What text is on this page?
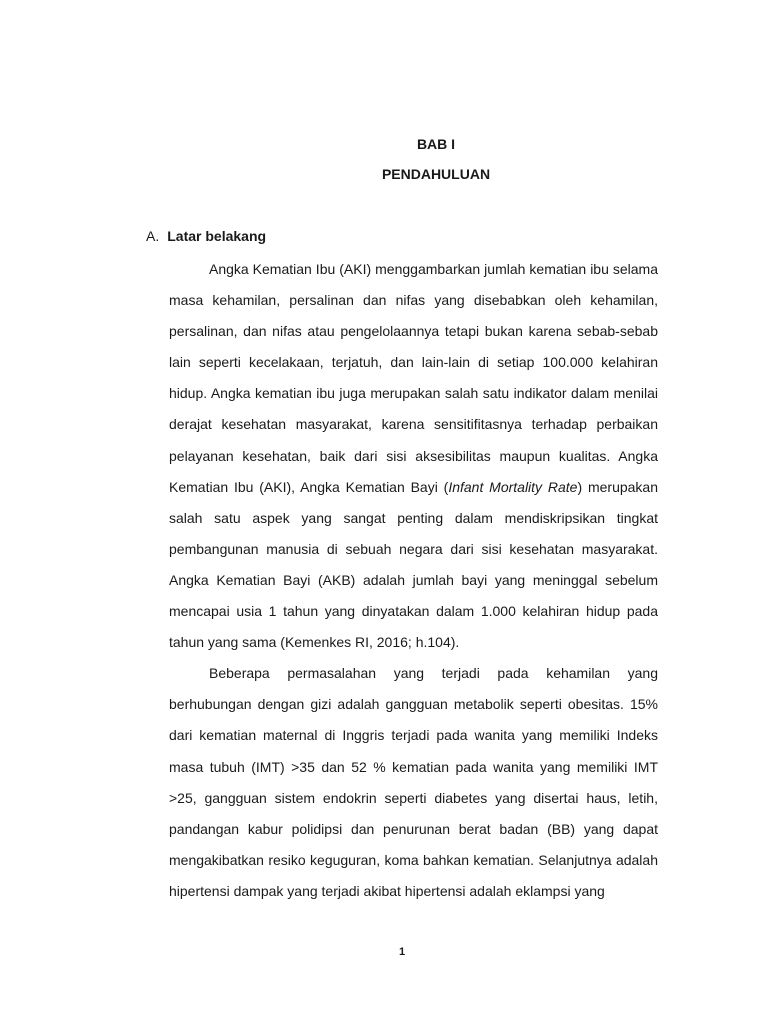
BAB I
PENDAHULUAN
A. Latar belakang

Angka Kematian Ibu (AKI) menggambarkan jumlah kematian ibu selama masa kehamilan, persalinan dan nifas yang disebabkan oleh kehamilan, persalinan, dan nifas atau pengelolaannya tetapi bukan karena sebab-sebab lain seperti kecelakaan, terjatuh, dan lain-lain di setiap 100.000 kelahiran hidup. Angka kematian ibu juga merupakan salah satu indikator dalam menilai derajat kesehatan masyarakat, karena sensitifitasnya terhadap perbaikan pelayanan kesehatan, baik dari sisi aksesibilitas maupun kualitas. Angka Kematian Ibu (AKI), Angka Kematian Bayi (Infant Mortality Rate) merupakan salah satu aspek yang sangat penting dalam mendiskripsikan tingkat pembangunan manusia di sebuah negara dari sisi kesehatan masyarakat. Angka Kematian Bayi (AKB) adalah jumlah bayi yang meninggal sebelum mencapai usia 1 tahun yang dinyatakan dalam 1.000 kelahiran hidup pada tahun yang sama (Kemenkes RI, 2016; h.104).

Beberapa permasalahan yang terjadi pada kehamilan yang berhubungan dengan gizi adalah gangguan metabolik seperti obesitas. 15% dari kematian maternal di Inggris terjadi pada wanita yang memiliki Indeks masa tubuh (IMT) >35 dan 52 % kematian pada wanita yang memiliki IMT >25, gangguan sistem endokrin seperti diabetes yang disertai haus, letih, pandangan kabur polidipsi dan penurunan berat badan (BB) yang dapat mengakibatkan resiko keguguran, koma bahkan kematian. Selanjutnya adalah hipertensi dampak yang terjadi akibat hipertensi adalah eklampsi yang

1
